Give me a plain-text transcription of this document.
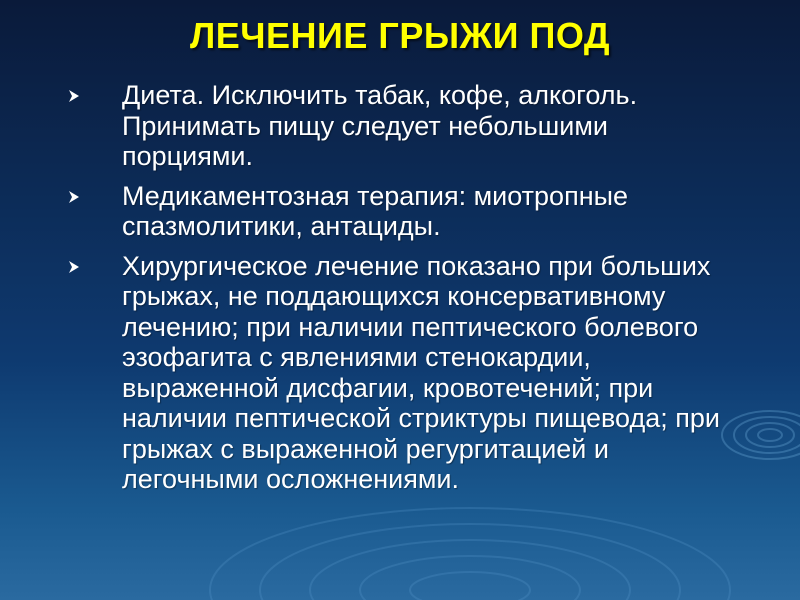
ЛЕЧЕНИЕ ГРЫЖИ ПОД
Диета. Исключить табак, кофе, алкоголь. Принимать пищу следует небольшими порциями.
Медикаментозная терапия: миотропные спазмолитики, антациды.
Хирургическое лечение показано при больших грыжах, не поддающихся консервативному лечению; при наличии пептического болевого эзофагита с явлениями стенокардии, выраженной дисфагии, кровотечений; при наличии пептической стриктуры пищевода; при грыжах с выраженной регургитацией и легочными осложнениями.
